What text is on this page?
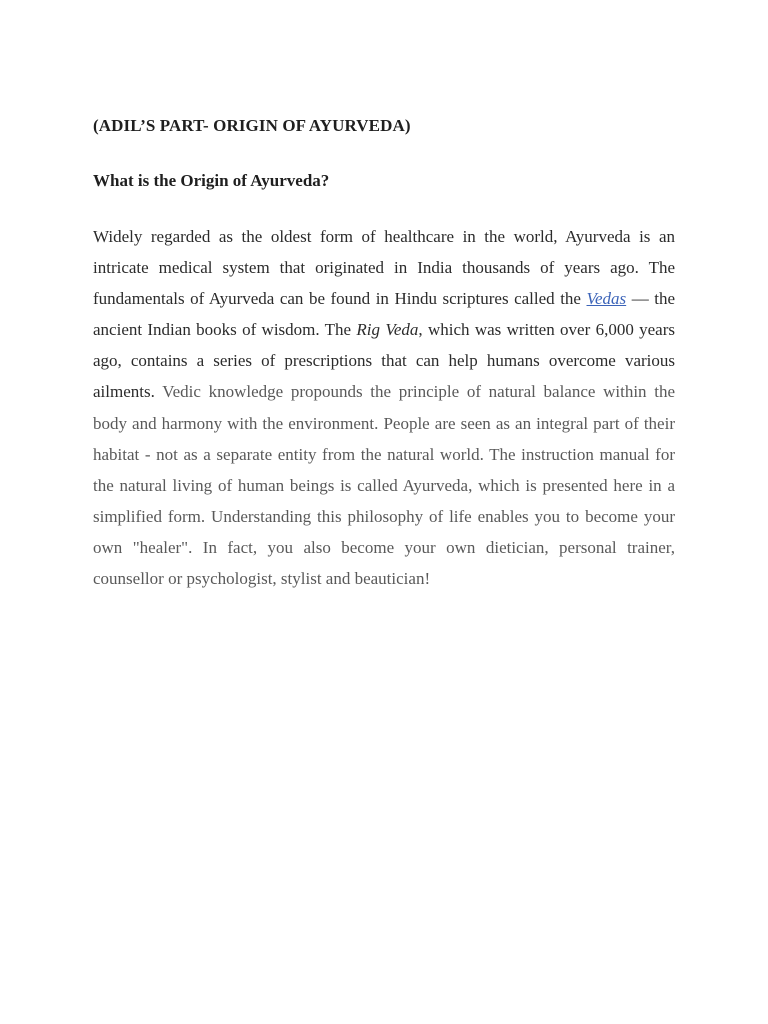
(ADIL’S PART- ORIGIN OF AYURVEDA)

What is the Origin of Ayurveda?

Widely regarded as the oldest form of healthcare in the world, Ayurveda is an intricate medical system that originated in India thousands of years ago. The fundamentals of Ayurveda can be found in Hindu scriptures called the Vedas — the ancient Indian books of wisdom. The Rig Veda, which was written over 6,000 years ago, contains a series of prescriptions that can help humans overcome various ailments. Vedic knowledge propounds the principle of natural balance within the body and harmony with the environment. People are seen as an integral part of their habitat - not as a separate entity from the natural world. The instruction manual for the natural living of human beings is called Ayurveda, which is presented here in a simplified form. Understanding this philosophy of life enables you to become your own "healer". In fact, you also become your own dietician, personal trainer, counsellor or psychologist, stylist and beautician!
